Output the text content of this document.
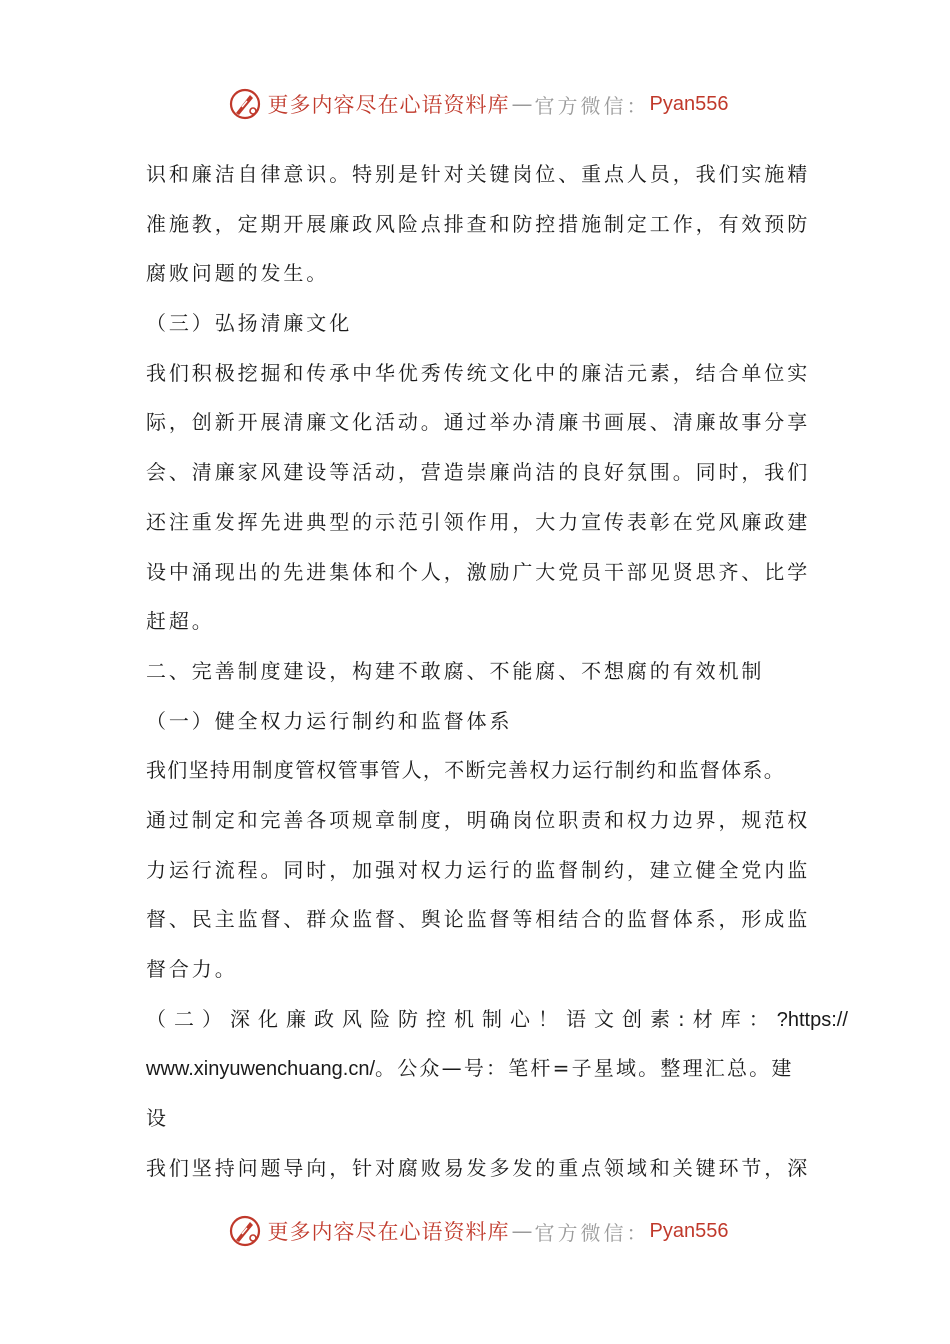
更多内容尽在心语资料库 — 官方微信： Pyan556
识和廉洁自律意识。特别是针对关键岗位、重点人员，我们实施精
准施教，定期开展廉政风险点排查和防控措施制定工作，有效预防
腐败问题的发生。
（三）弘扬清廉文化
我们积极挖掘和传承中华优秀传统文化中的廉洁元素，结合单位实
际，创新开展清廉文化活动。通过举办清廉书画展、清廉故事分享
会、清廉家风建设等活动，营造崇廉尚洁的良好氛围。同时，我们
还注重发挥先进典型的示范引领作用，大力宣传表彰在党风廉政建
设中涌现出的先进集体和个人，激励广大党员干部见贤思齐、比学
赶超。
二、完善制度建设，构建不敢腐、不能腐、不想腐的有效机制
（一）健全权力运行制约和监督体系
我们坚持用制度管权管事管人，不断完善权力运行制约和监督体系。
通过制定和完善各项规章制度，明确岗位职责和权力边界，规范权
力运行流程。同时，加强对权力运行的监督制约，建立健全党内监
督、民主监督、群众监督、舆论监督等相结合的监督体系，形成监
督合力。
（二）深化廉政风险防控机制心！语文创素:材库：?https://
www.xinyuwenchuang.cn/。公众—号：笔杆=子星域。整理汇总。建
设
我们坚持问题导向，针对腐败易发多发的重点领域和关键环节，深
更多内容尽在心语资料库 — 官方微信： Pyan556
